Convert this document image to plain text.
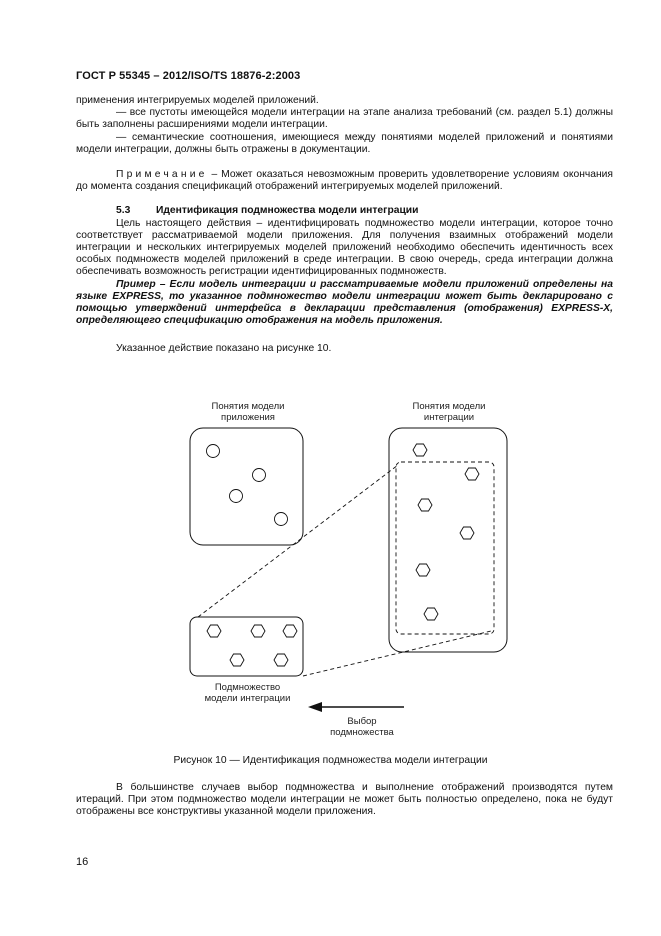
ГОСТ Р 55345 – 2012/ISO/TS 18876-2:2003

применения интегрируемых моделей приложений.

— все пустоты имеющейся модели интеграции на этапе анализа требований (см. раздел 5.1) должны быть заполнены расширениями модели интеграции.

— семантические соотношения, имеющиеся между понятиями моделей приложений и понятиями модели интеграции, должны быть отражены в документации.

Примечание – Может оказаться невозможным проверить удовлетворение условиям окончания до момента создания спецификаций отображений интегрируемых моделей приложений.

5.3 Идентификация подмножества модели интеграции

Цель настоящего действия – идентифицировать подмножество модели интеграции, которое точно соответствует рассматриваемой модели приложения. Для получения взаимных отображений модели интеграции и нескольких интегрируемых моделей приложений необходимо обеспечить идентичность всех особых подмножеств моделей приложений в среде интеграции. В свою очередь, среда интеграции должна обеспечивать возможность регистрации идентифицированных подмножеств.

Пример – Если модель интеграции и рассматриваемые модели приложений определены на языке EXPRESS, то указанное подмножество модели интеграции может быть декларировано с помощью утверждений интерфейса в декларации представления (отображения) EXPRESS-X, определяющего спецификацию отображения на модель приложения.

Указанное действие показано на рисунке 10.

Понятия модели
приложения
Понятия модели
интеграции
Подмножество
модели интеграции
Выбор
подмножества
Рисунок 10 — Идентификация подмножества модели интеграции

В большинстве случаев выбор подмножества и выполнение отображений производятся путем итераций. При этом подмножество модели интеграции не может быть полностью определено, пока не будут отображены все конструктивы указанной модели приложения.

16
